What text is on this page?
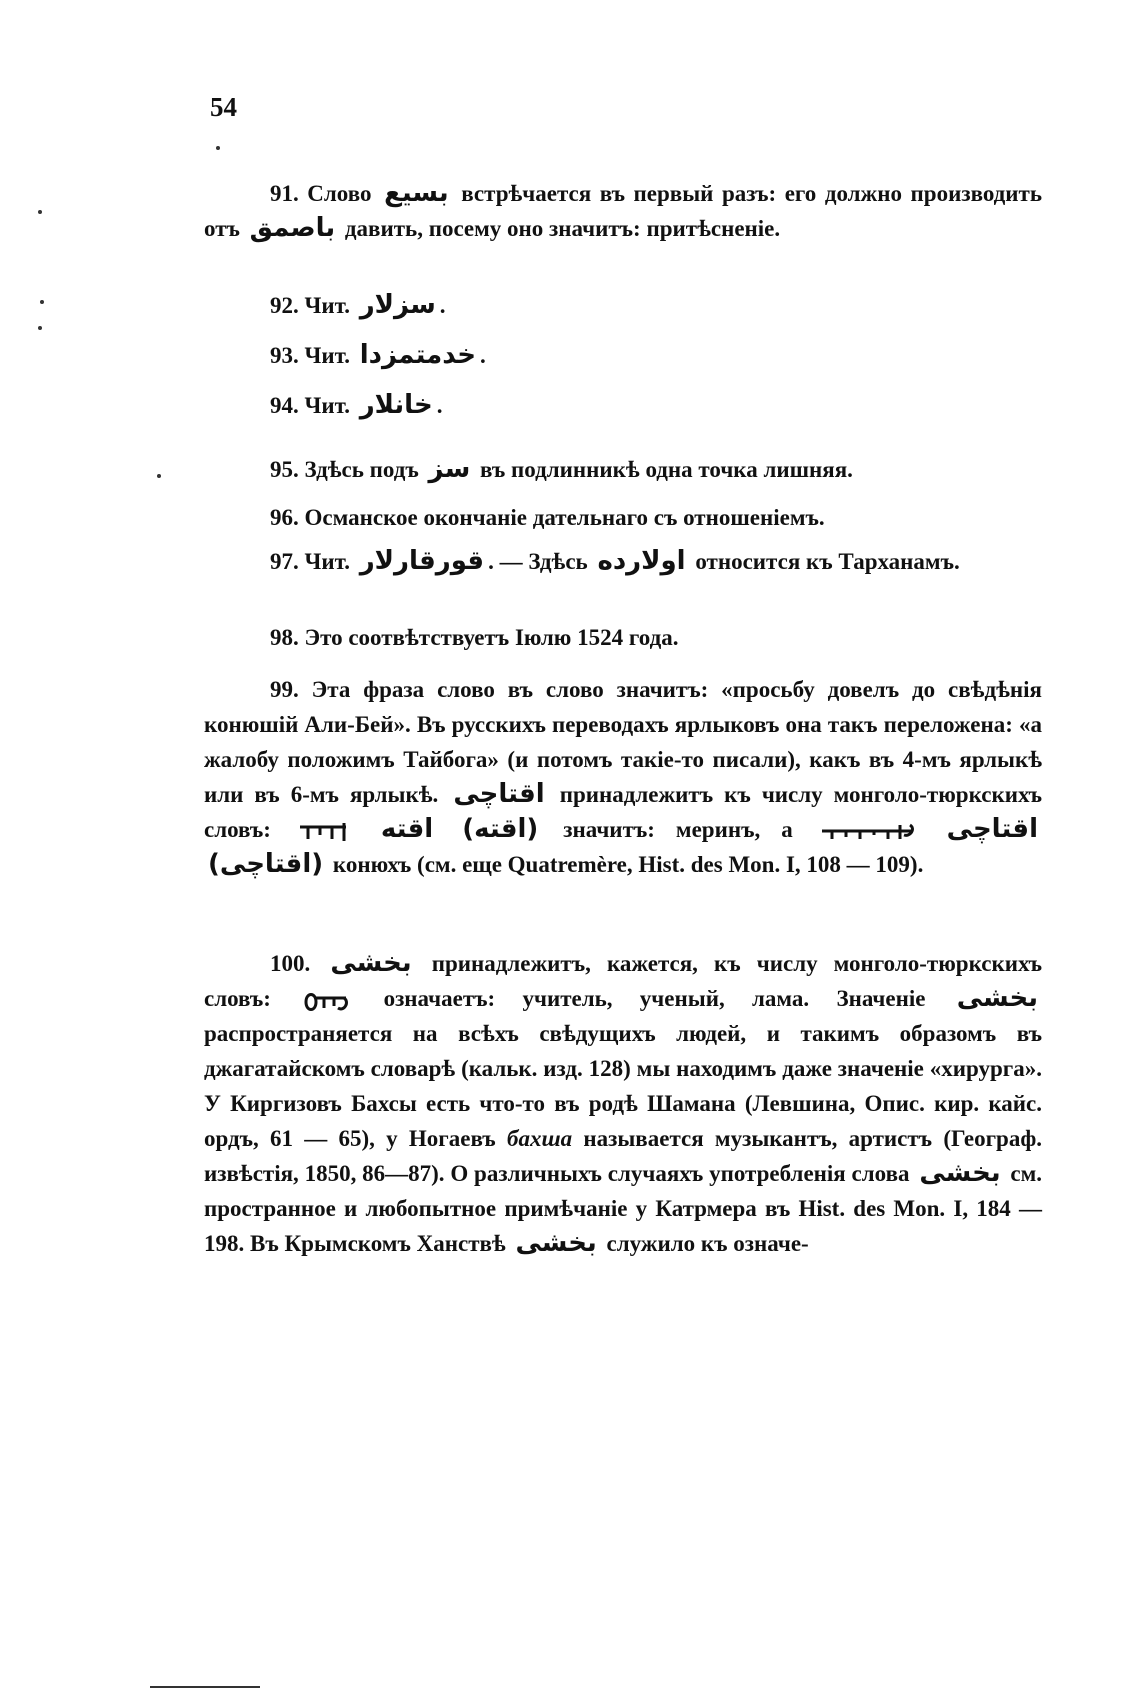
54

91. Слово بسيع встрѣчается въ первый разъ: его должно производить отъ باصمق давить, посему оно значитъ: притѣсненіе.

92. Чит. سزلار .

93. Чит. خدمتمزدا .

94. Чит. خانلار .

95. Здѣсь подъ سز въ подлинникѣ одна точка лишняя.

96. Османское окончаніе дательнаго съ отношеніемъ.

97. Чит. قورقارلار . — Здѣсь اولارده относится къ Тарханамъ.

98. Это соотвѣтствуетъ Іюлю 1524 года.

99. Эта фраза слово въ слово значитъ: «просьбу довелъ до свѣдѣнія конюшій Али-Бей». Въ русскихъ переводахъ ярлыковъ она такъ переложена: «а жалобу положимъ Тайбога» (и потомъ такіе-то писали), какъ въ 4-мъ ярлыкѣ или въ 6-мъ ярлыкѣ. اقتاچی принадлежитъ къ числу монголо-тюркскихъ словъ:	اقته (اقته) значитъ: меринъ, а	اقتاچی (اقتاچی) конюхъ (см. еще Quatremère, Hist. des Mon. I, 108 — 109).

100. بخشی принадлежитъ, кажется, къ числу монголо-тюркскихъ словъ:	означаетъ: учитель, ученый, лама. Значеніе بخشی распространяется на всѣхъ свѣдущихъ людей, и такимъ образомъ въ джагатайскомъ словарѣ (кальк. изд. 128) мы находимъ даже значеніе «хирурга». У Киргизовъ Бахсы есть что-то въ родѣ Шамана (Левшина, Опис. кир. кайс. ордъ, 61 — 65), у Ногаевъ бахша называется музыкантъ, артистъ (Географ. извѣстія, 1850, 86—87). О различныхъ случаяхъ употребленія слова بخشی см. пространное и любопытное примѣчаніе у Катрмера въ Hist. des Mon. I, 184 — 198. Въ Крымскомъ Ханствѣ بخشی служило къ означе-
